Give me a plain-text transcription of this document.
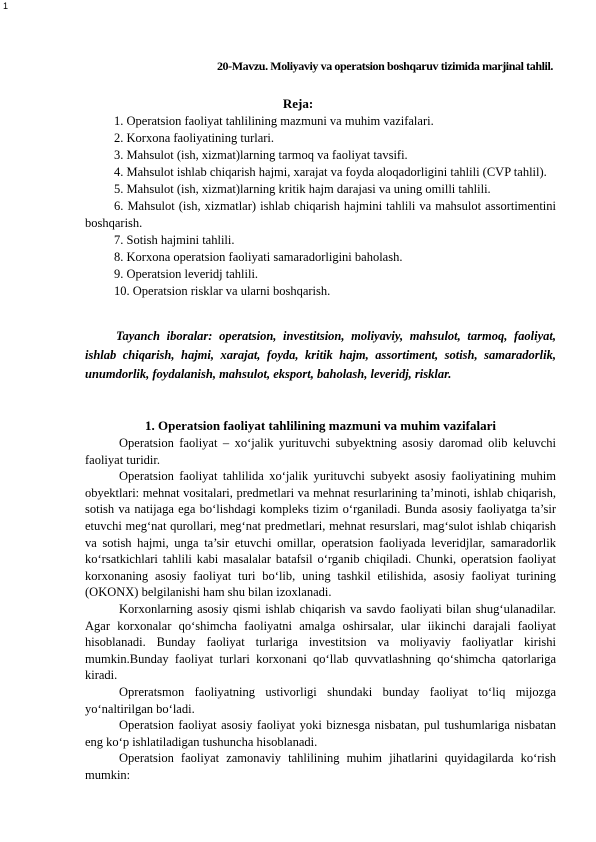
1
20-Mavzu. Moliyaviy va operatsion boshqaruv tizimida marjinal tahlil.
Reja:

1. Operatsion faoliyat tahlilining mazmuni va muhim vazifalari.

2. Korxona faoliyatining turlari.

3. Mahsulot (ish, xizmat)larning tarmoq va faoliyat tavsifi.

4. Mahsulot ishlab chiqarish hajmi, xarajat va foyda aloqadorligini tahlili (CVP tahlil).

5. Mahsulot (ish, xizmat)larning kritik hajm darajasi va uning omilli tahlili.

6. Mahsulot (ish, xizmatlar) ishlab chiqarish hajmini tahlili va mahsulot assortimentini boshqarish.

7. Sotish hajmini tahlili.

8. Korxona operatsion faoliyati samaradorligini baholash.

9. Operatsion leveridj tahlili.

10. Operatsion risklar va ularni boshqarish.

Tayanch iboralar: operatsion, investitsion, moliyaviy, mahsulot, tarmoq, faoliyat, ishlab chiqarish, hajmi, xarajat, foyda, kritik hajm, assortiment, sotish, samaradorlik, unumdorlik, foydalanish, mahsulot, eksport, baholash, leveridj, risklar.
1. Operatsion faoliyat tahlilining mazmuni va muhim vazifalari

Operatsion faoliyat – xo‘jalik yurituvchi subyektning asosiy daromad olib keluvchi faoliyat turidir.

Operatsion faoliyat tahlilida xo‘jalik yurituvchi subyekt asosiy faoliyatining muhim obyektlari: mehnat vositalari, predmetlari va mehnat resurlarining ta’minoti, ishlab chiqarish, sotish va natijaga ega bo‘lishdagi kompleks tizim o‘rganiladi. Bunda asosiy faoliyatga ta’sir etuvchi meg‘nat qurollari, meg‘nat predmetlari, mehnat resurslari, mag‘sulot ishlab chiqarish va sotish hajmi, unga ta’sir etuvchi omillar, operatsion faoliyada leveridjlar, samaradorlik ko‘rsatkichlari tahlili kabi masalalar batafsil o‘rganib chiqiladi. Chunki, operatsion faoliyat korxonaning asosiy faoliyat turi bo‘lib, uning tashkil etilishida, asosiy faoliyat turining (OKONX) belgilanishi ham shu bilan izoxlanadi.

Korxonlarning asosiy qismi ishlab chiqarish va savdo faoliyati bilan shug‘ulanadilar. Agar korxonalar qo‘shimcha faoliyatni amalga oshirsalar, ular iikinchi darajali faoliyat hisoblanadi. Bunday faoliyat turlariga investitsion va moliyaviy faoliyatlar kirishi mumkin.Bunday faoliyat turlari korxonani qo‘llab quvvatlashning qo‘shimcha qatorlariga kiradi.

Opreratsmon faoliyatning ustivorligi shundaki bunday faoliyat to‘liq mijozga yo‘naltirilgan bo‘ladi.

Operatsion faoliyat asosiy faoliyat yoki biznesga nisbatan, pul tushumlariga nisbatan eng ko‘p ishlatiladigan tushuncha hisoblanadi.

Operatsion faoliyat zamonaviy tahlilining muhim jihatlarini quyidagilarda ko‘rish mumkin:
